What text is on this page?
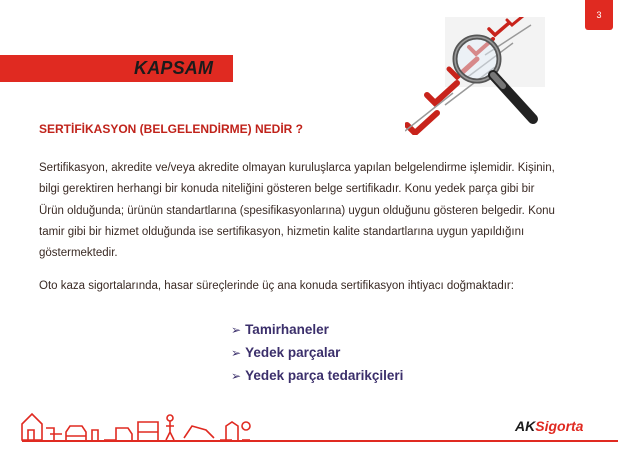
3
KAPSAM
SERTİFİKASYON (BELGELENDİRME) NEDİR ?

Sertifikasyon, akredite ve/veya akredite olmayan kuruluşlarca yapılan belgelendirme işlemidir. Kişinin,

bilgi gerektiren herhangi bir konuda niteliğini gösteren belge sertifikadır. Konu yedek parça gibi bir

Ürün olduğunda; ürünün standartlarına (spesifikasyonlarına) uygun olduğunu gösteren belgedir. Konu

tamir gibi bir hizmet olduğunda ise sertifikasyon, hizmetin kalite standartlarına uygun yapıldığını

göstermektedir.

Oto kaza sigortalarında, hasar süreçlerinde üç ana konuda sertifikasyon ihtiyacı doğmaktadır:
➢ Tamirhaneler
➢ Yedek parçalar
➢ Yedek parça tedarikçileri
AKSigorta
